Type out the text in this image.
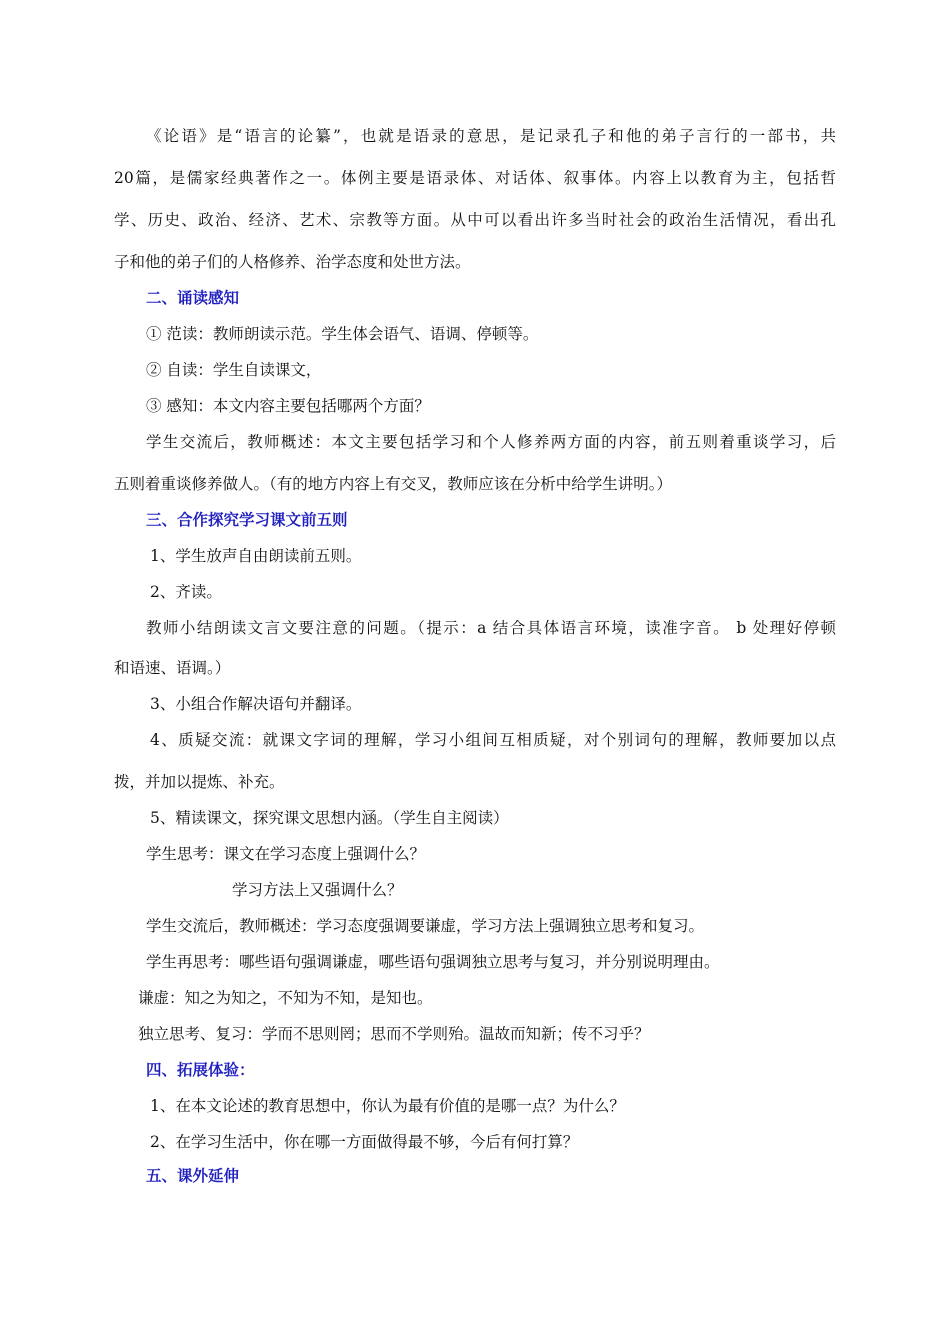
《论语》是“语言的论纂”，也就是语录的意思，是记录孔子和他的弟子言行的一部书，共

20篇，是儒家经典著作之一。体例主要是语录体、对话体、叙事体。内容上以教育为主，包括哲

学、历史、政治、经济、艺术、宗教等方面。从中可以看出许多当时社会的政治生活情况，看出孔

子和他的弟子们的人格修养、治学态度和处世方法。

二、诵读感知

① 范读：教师朗读示范。学生体会语气、语调、停顿等。

② 自读：学生自读课文，

③ 感知：本文内容主要包括哪两个方面？

学生交流后，教师概述：本文主要包括学习和个人修养两方面的内容，前五则着重谈学习，后

五则着重谈修养做人。（有的地方内容上有交叉，教师应该在分析中给学生讲明。）

三、合作探究学习课文前五则

1、学生放声自由朗读前五则。

2、齐读。

教师小结朗读文言文要注意的问题。（提示：a 结合具体语言环境，读准字音。 b 处理好停顿

和语速、语调。）

3、小组合作解决语句并翻译。

4、质疑交流：就课文字词的理解，学习小组间互相质疑，对个别词句的理解，教师要加以点

拨，并加以提炼、补充。

5、精读课文，探究课文思想内涵。（学生自主阅读）

学生思考：课文在学习态度上强调什么？

学习方法上又强调什么？

学生交流后，教师概述：学习态度强调要谦虚，学习方法上强调独立思考和复习。

学生再思考：哪些语句强调谦虚，哪些语句强调独立思考与复习，并分别说明理由。

谦虚：知之为知之，不知为不知，是知也。

独立思考、复习：学而不思则罔；思而不学则殆。温故而知新；传不习乎？

四、拓展体验：

1、在本文论述的教育思想中，你认为最有价值的是哪一点？为什么？

2、在学习生活中，你在哪一方面做得最不够，今后有何打算？

五、课外延伸
